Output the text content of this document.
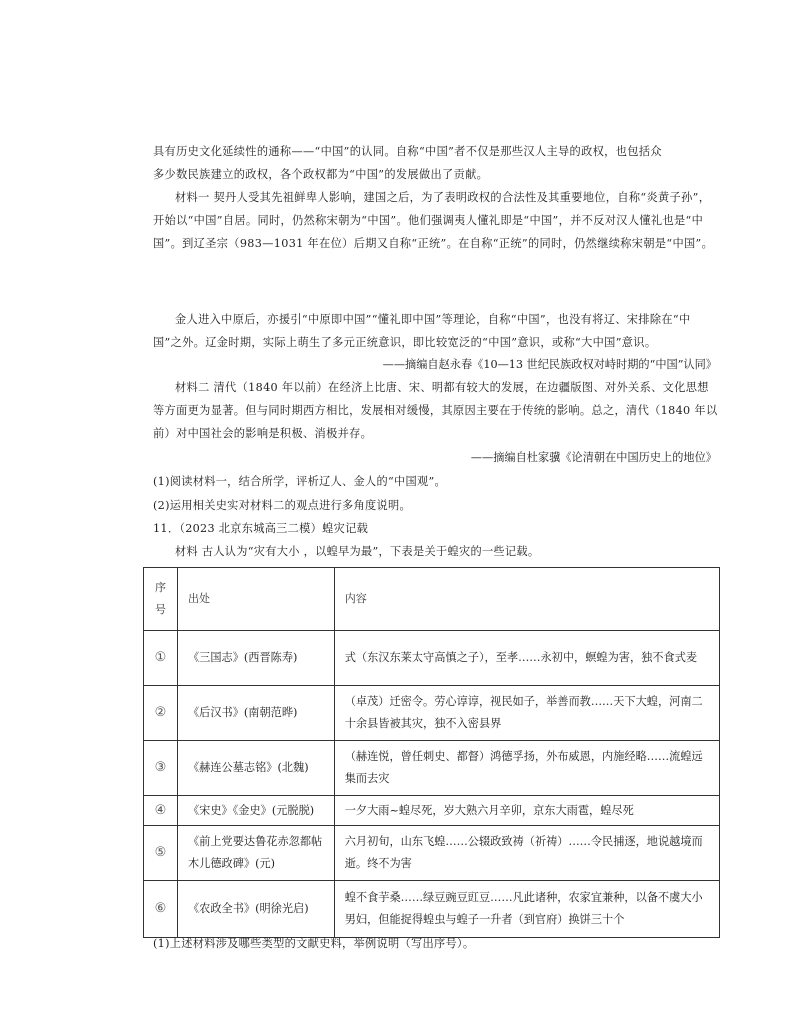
具有历史文化延续性的通称——“中国”的认同。自称“中国”者不仅是那些汉人主导的政权，也包括众
多少数民族建立的政权，各个政权都为“中国”的发展做出了贡献。

材料一 契丹人受其先祖鲜卑人影响，建国之后，为了表明政权的合法性及其重要地位，自称“炎黄子孙”，开始以“中国”自居。同时，仍然称宋朝为“中国”。他们强调夷人懂礼即是“中国”，并不反对汉人懂礼也是“中国”。到辽圣宗（983—1031 年在位）后期又自称“正统”。在自称“正统”的同时，仍然继续称宋朝是“中国”。

金人进入中原后，亦援引“中原即中国”“懂礼即中国”等理论，自称“中国”，也没有将辽、宋排除在“中国”之外。辽金时期，实际上萌生了多元正统意识，即比较宽泛的“中国”意识，或称“大中国”意识。

——摘编自赵永春《10—13 世纪民族政权对峙时期的“中国”认同》

材料二 清代（1840 年以前）在经济上比唐、宋、明都有较大的发展，在边疆版图、对外关系、文化思想等方面更为显著。但与同时期西方相比，发展相对缓慢，其原因主要在于传统的影响。总之，清代（1840 年以前）对中国社会的影响是积极、消极并存。

——摘编自杜家骥《论清朝在中国历史上的地位》

(1)阅读材料一，结合所学，评析辽人、金人的“中国观”。

(2)运用相关史实对材料二的观点进行多角度说明。

11．（2023 北京东城高三二模）蝗灾记载

材料 古人认为“灾有大小 ，以蝗早为最”，下表是关于蝗灾的一些记载。

序号	出处	内容
①	《三国志》(西晋陈寿)	式（东汉东莱太守高慎之子），至孝……永初中，螟蝗为害，独不食式麦
②	《后汉书》(南朝范晔)	（卓茂）迁密令。劳心谆谆，视民如子，举善而教……天下大蝗，河南二十余县皆被其灾，独不入密县界
③	《赫连公墓志铭》(北魏)	（赫连悦，曾任刺史、都督）鸿德孚扬，外布威恩，内施经略……流蝗远集而去灾
④	《宋史》《金史》(元脱脱)	一夕大雨~蝗尽死，岁大熟六月辛卯，京东大雨雹，蝗尽死
⑤	《前上党要达鲁花赤忽都帖木儿德政碑》(元)	六月初旬，山东飞蝗……公辍政致祷（祈祷）……令民捕逐，地说越境而逝。终不为害
⑥	《农政全书》(明徐光启)	蝗不食芋桑……绿豆豌豆豇豆……凡此诸种，农家宜兼种，以备不虞大小男妇，但能捉得蝗虫与蝗子一升者（到官府）换饼三十个

(1)上述材料涉及哪些类型的文献史料，举例说明（写出序号）。
